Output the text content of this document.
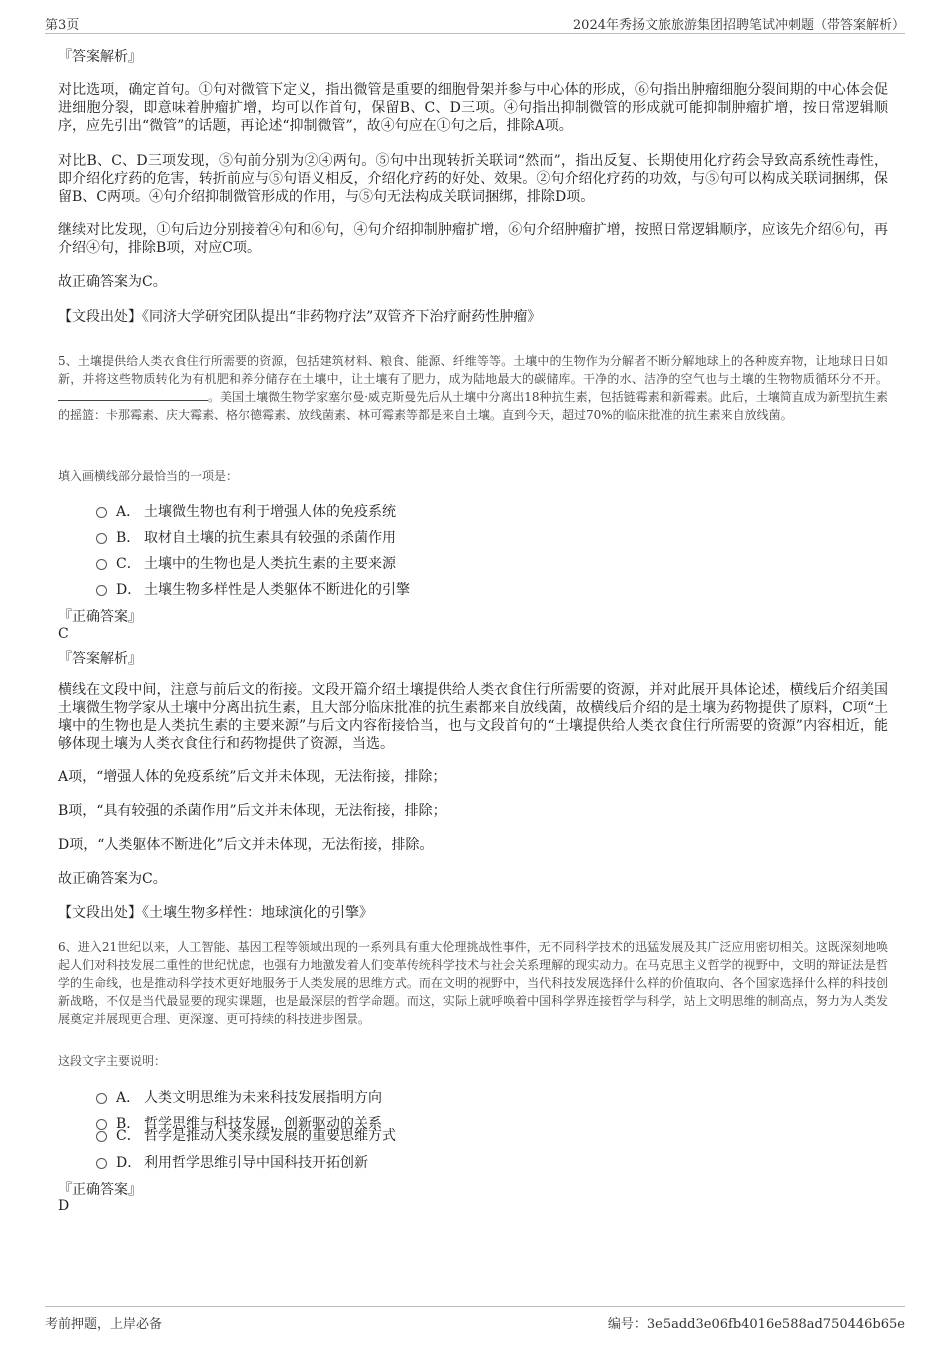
第3页	2024年秀扬文旅旅游集团招聘笔试冲刺题（带答案解析）
『答案解析』
对比选项，确定首句。①句对微管下定义，指出微管是重要的细胞骨架并参与中心体的形成，⑥句指出肿瘤细胞分裂间期的中心体会促进细胞分裂，即意味着肿瘤扩增，均可以作首句，保留B、C、D三项。④句指出抑制微管的形成就可能抑制肿瘤扩增，按日常逻辑顺序，应先引出“微管”的话题，再论述“抑制微管”，故④句应在①句之后，排除A项。
对比B、C、D三项发现，⑤句前分别为②④两句。⑤句中出现转折关联词“然而”，指出反复、长期使用化疗药会导致高系统性毒性，即介绍化疗药的危害，转折前应与⑤句语义相反，介绍化疗药的好处、效果。②句介绍化疗药的功效，与⑤句可以构成关联词捆绑，保留B、C两项。④句介绍抑制微管形成的作用，与⑤句无法构成关联词捆绑，排除D项。
继续对比发现，①句后边分别接着④句和⑥句，④句介绍抑制肿瘤扩增，⑥句介绍肿瘤扩增，按照日常逻辑顺序，应该先介绍⑥句，再介绍④句，排除B项，对应C项。
故正确答案为C。
【文段出处】《同济大学研究团队提出“非药物疗法”双管齐下治疗耐药性肿瘤》
5、土壤提供给人类衣食住行所需要的资源，包括建筑材料、粮食、能源、纤维等等。土壤中的生物作为分解者不断分解地球上的各种废弃物，让地球日日如新，并将这些物质转化为有机肥和养分储存在土壤中，让土壤有了肥力，成为陆地最大的碳储库。干净的水、洁净的空气也与土壤的生物物质循环分不开。。美国土壤微生物学家塞尔曼·威克斯曼先后从土壤中分离出18种抗生素，包括链霉素和新霉素。此后，土壤简直成为新型抗生素的摇篮：卡那霉素、庆大霉素、格尔德霉素、放线菌素、林可霉素等都是来自土壤。直到今天，超过70%的临床批准的抗生素来自放线菌。
填入画横线部分最恰当的一项是：
A． 土壤微生物也有利于增强人体的免疫系统
B． 取材自土壤的抗生素具有较强的杀菌作用
C． 土壤中的生物也是人类抗生素的主要来源
D． 土壤生物多样性是人类躯体不断进化的引擎
『正确答案』
C
『答案解析』
横线在文段中间，注意与前后文的衔接。文段开篇介绍土壤提供给人类衣食住行所需要的资源，并对此展开具体论述，横线后介绍美国土壤微生物学家从土壤中分离出抗生素，且大部分临床批准的抗生素都来自放线菌，故横线后介绍的是土壤为药物提供了原料，C项“土壤中的生物也是人类抗生素的主要来源”与后文内容衔接恰当，也与文段首句的“土壤提供给人类衣食住行所需要的资源”内容相近，能够体现土壤为人类衣食住行和药物提供了资源，当选。
A项，“增强人体的免疫系统”后文并未体现，无法衔接，排除；
B项，“具有较强的杀菌作用”后文并未体现，无法衔接，排除；
D项，“人类躯体不断进化”后文并未体现，无法衔接，排除。
故正确答案为C。
【文段出处】《土壤生物多样性：地球演化的引擎》
6、进入21世纪以来，人工智能、基因工程等领域出现的一系列具有重大伦理挑战性事件，无不同科学技术的迅猛发展及其广泛应用密切相关。这既深刻地唤起人们对科技发展二重性的世纪忧虑，也强有力地激发着人们变革传统科学技术与社会关系理解的现实动力。在马克思主义哲学的视野中，文明的辩证法是哲学的生命线，也是推动科学技术更好地服务于人类发展的思维方式。而在文明的视野中，当代科技发展选择什么样的价值取向、各个国家选择什么样的科技创新战略，不仅是当代最显要的现实课题，也是最深层的哲学命题。而这，实际上就呼唤着中国科学界连接哲学与科学，站上文明思维的制高点，努力为人类发展奠定并展现更合理、更深邃、更可持续的科技进步图景。
这段文字主要说明：
A． 人类文明思维为未来科技发展指明方向
B． 哲学思维与科技发展，创新驱动的关系
C． 哲学是推动人类永续发展的重要思维方式
D． 利用哲学思维引导中国科技开拓创新
『正确答案』
D
考前押题，上岸必备	编号：3e5add3e06fb4016e588ad750446b65e
